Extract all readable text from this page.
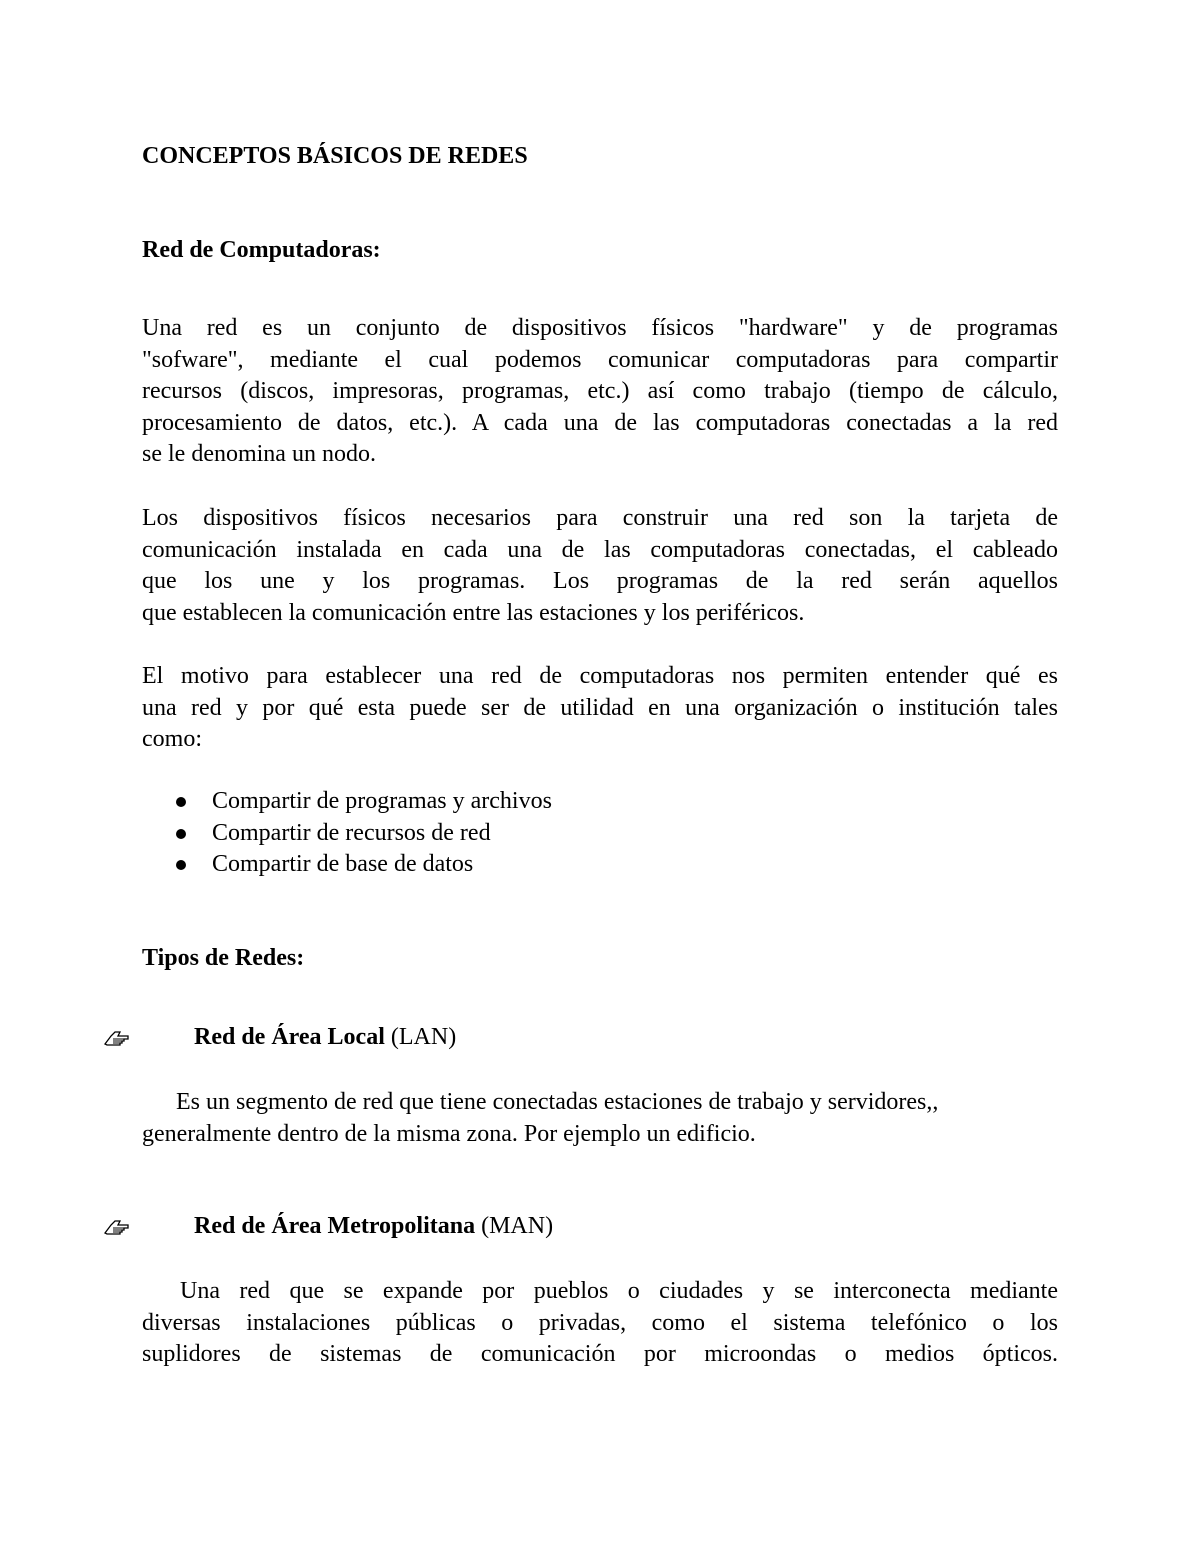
CONCEPTOS BÁSICOS DE REDES
Red de Computadoras:
Una red es un conjunto de dispositivos físicos "hardware" y de programas
"sofware", mediante el cual podemos comunicar computadoras para compartir
recursos (discos, impresoras, programas, etc.) así como trabajo (tiempo de cálculo,
procesamiento de datos, etc.). A cada una de las computadoras conectadas a la red
se le denomina un nodo.
Los dispositivos físicos necesarios para construir una red son la tarjeta de
comunicación instalada en cada una de las computadoras conectadas, el cableado
que los une y los programas. Los programas de la red serán aquellos
que establecen la comunicación entre las estaciones y los periféricos.
El motivo para establecer una red de computadoras nos permiten entender qué es
una red y por qué esta puede ser de utilidad en una organización o institución tales
como:
Compartir de programas y archivos
Compartir de recursos de red
Compartir de base de datos
Tipos de Redes:
Red de Área Local (LAN)
Es un segmento de red que tiene conectadas estaciones de trabajo y servidores,,
generalmente dentro de la misma zona. Por ejemplo un edificio.
Red de Área Metropolitana (MAN)
Una red que se expande por pueblos o ciudades y se interconecta mediante
diversas instalaciones públicas o privadas, como el sistema telefónico o los
suplidores de sistemas de comunicación por microondas o medios ópticos.
